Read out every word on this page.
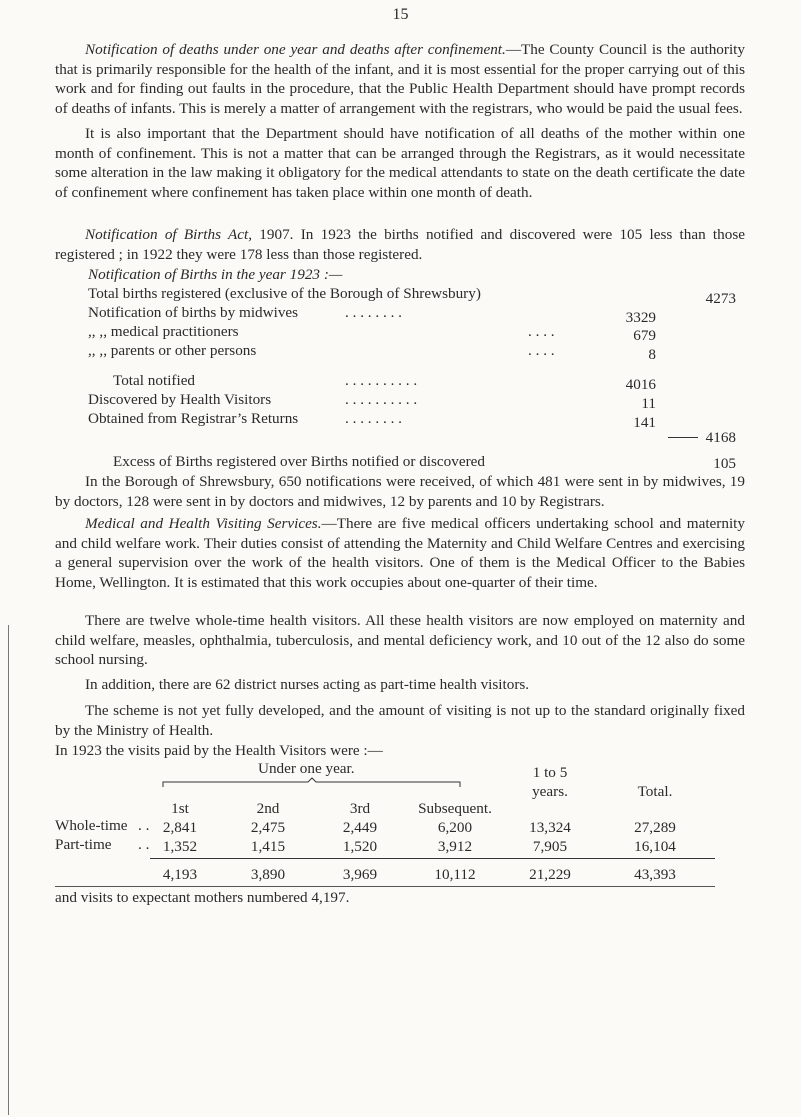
15
Notification of deaths under one year and deaths after confinement.—The County Council is the authority that is primarily responsible for the health of the infant, and it is most essential for the proper carrying out of this work and for finding out faults in the procedure, that the Public Health Department should have prompt records of deaths of infants. This is merely a matter of arrangement with the registrars, who would be paid the usual fees.
It is also important that the Department should have notification of all deaths of the mother within one month of confinement. This is not a matter that can be arranged through the Registrars, as it would necessitate some alteration in the law making it obligatory for the medical attendants to state on the death certificate the date of confinement where confinement has taken place within one month of death.
Notification of Births Act, 1907. In 1923 the births notified and discovered were 105 less than those registered ; in 1922 they were 178 less than those registered.
Notification of Births in the year 1923 :—
Total births registered (exclusive of the Borough of Shrewsbury)	4273
Notification of births by midwives	. . . . . . . .	3329
,, ,, medical practitioners	. . . .	679
,, ,, parents or other persons	. . . .	8
Total notified	. . . . . . . . . .	4016
Discovered by Health Visitors	. . . . . . . . . .	11
Obtained from Registrar’s Returns	. . . . . . . .	141
4168
Excess of Births registered over Births notified or discovered	105
In the Borough of Shrewsbury, 650 notifications were received, of which 481 were sent in by midwives, 19 by doctors, 128 were sent in by doctors and midwives, 12 by parents and 10 by Registrars.
Medical and Health Visiting Services.—There are five medical officers undertaking school and maternity and child welfare work. Their duties consist of attending the Maternity and Child Welfare Centres and exercising a general supervision over the work of the health visitors. One of them is the Medical Officer to the Babies Home, Wellington. It is estimated that this work occupies about one-quarter of their time.
There are twelve whole-time health visitors. All these health visitors are now employed on maternity and child welfare, measles, ophthalmia, tuberculosis, and mental deficiency work, and 10 out of the 12 also do some school nursing.
In addition, there are 62 district nurses acting as part-time health visitors.
The scheme is not yet fully developed, and the amount of visiting is not up to the standard originally fixed by the Ministry of Health.
In 1923 the visits paid by the Health Visitors were :—
Under one year.	1 to 5
years.	Total.
1st	2nd	3rd	Subsequent.
Whole-time . . 2,841	2,475	2,449	6,200	13,324	27,289
Part-time . . 1,352	1,415	1,520	3,912	7,905	16,104
4,193	3,890	3,969	10,112	21,229	43,393
and visits to expectant mothers numbered 4,197.
